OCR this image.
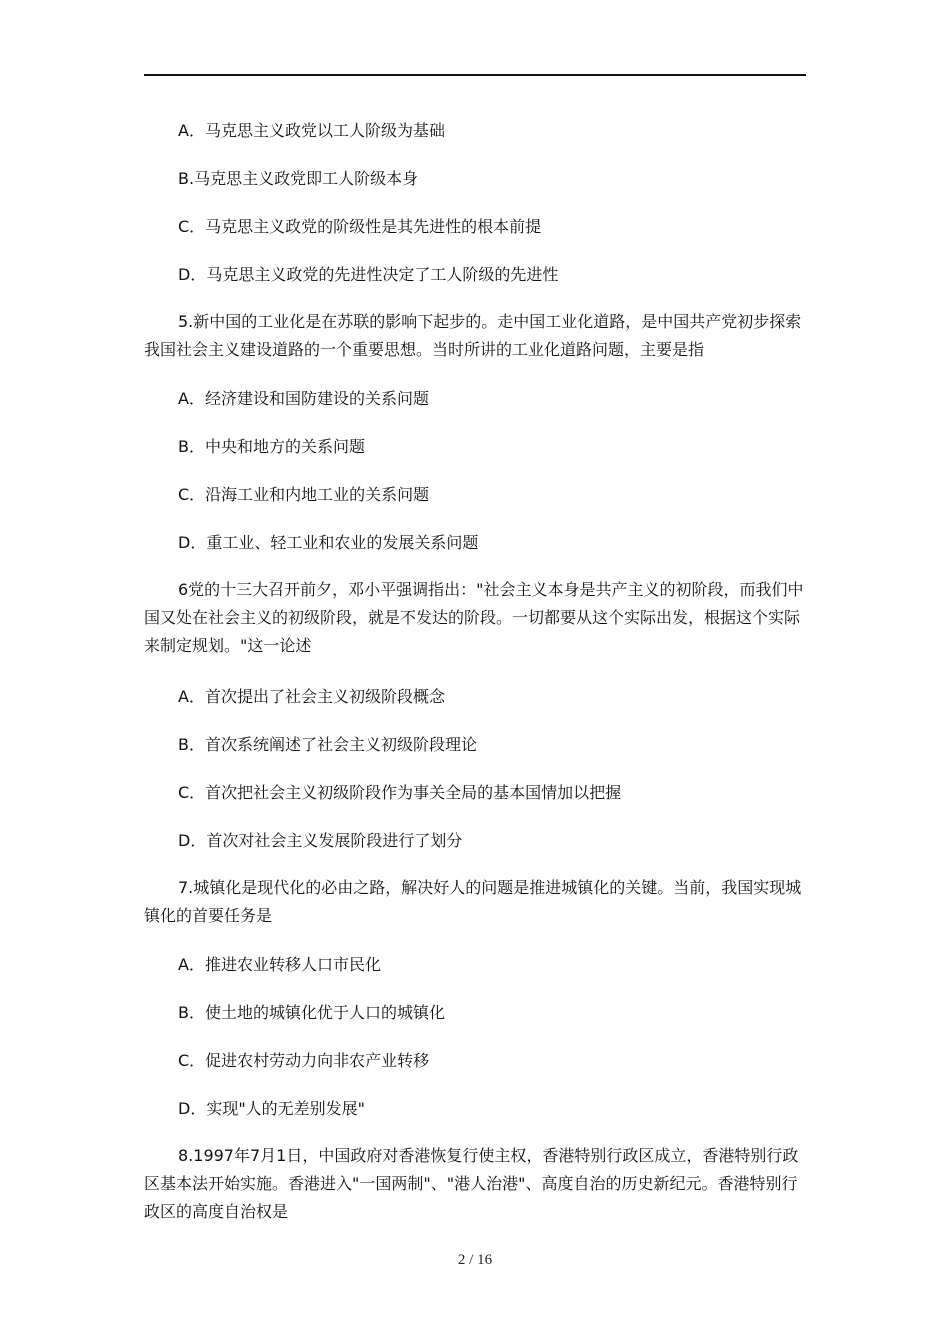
A．马克思主义政党以工人阶级为基础
B.马克思主义政党即工人阶级本身
C．马克思主义政党的阶级性是其先进性的根本前提
D．马克思主义政党的先进性决定了工人阶级的先进性
5.新中国的工业化是在苏联的影响下起步的。走中国工业化道路，是中国共产党初步探索我国社会主义建设道路的一个重要思想。当时所讲的工业化道路问题，主要是指
A．经济建设和国防建设的关系问题
B．中央和地方的关系问题
C．沿海工业和内地工业的关系问题
D．重工业、轻工业和农业的发展关系问题
6党的十三大召开前夕，邓小平强调指出："社会主义本身是共产主义的初阶段，而我们中国又处在社会主义的初级阶段，就是不发达的阶段。一切都要从这个实际出发，根据这个实际来制定规划。"这一论述
A．首次提出了社会主义初级阶段概念
B．首次系统阐述了社会主义初级阶段理论
C．首次把社会主义初级阶段作为事关全局的基本国情加以把握
D．首次对社会主义发展阶段进行了划分
7.城镇化是现代化的必由之路，解决好人的问题是推进城镇化的关键。当前，我国实现城镇化的首要任务是
A．推进农业转移人口市民化
B．使土地的城镇化优于人口的城镇化
C．促进农村劳动力向非农产业转移
D．实现"人的无差别发展"
8.1997年7月1日，中国政府对香港恢复行使主权，香港特别行政区成立，香港特别行政区基本法开始实施。香港进入"一国两制"、"港人治港"、高度自治的历史新纪元。香港特别行政区的高度自治权是
2 / 16
